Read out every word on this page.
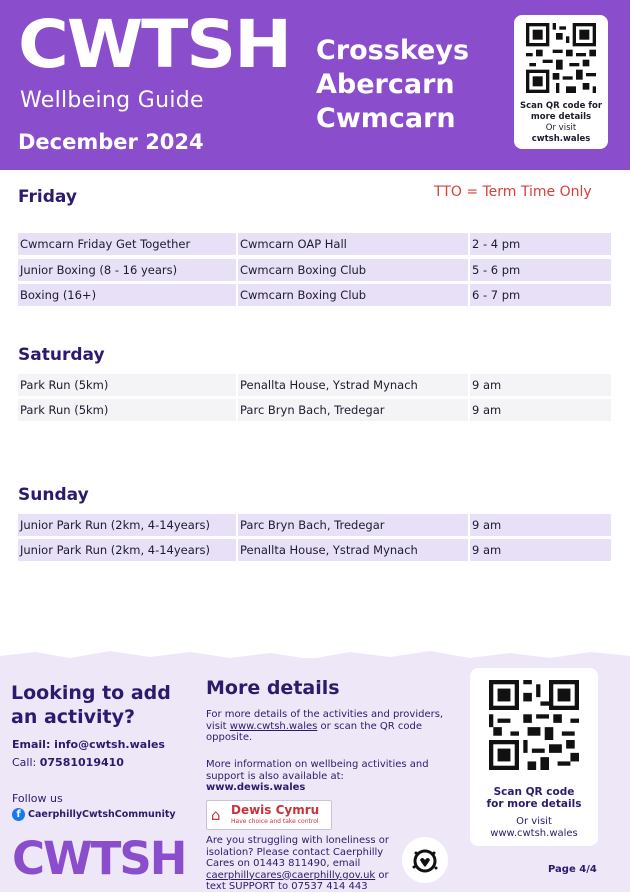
CWTSH
Wellbeing Guide
December 2024
Crosskeys
Abercarn
Cwmcarn	Scan QR code for
more details
Or visit
cwtsh.wales
Friday	TTO = Term Time Only
Cwmcarn Friday Get Together	Cwmcarn OAP Hall	2 - 4 pm
Junior Boxing (8 - 16 years)	Cwmcarn Boxing Club	5 - 6 pm
Boxing (16+)	Cwmcarn Boxing Club	6 - 7 pm
Saturday
Park Run (5km)	Penallta House, Ystrad Mynach	9 am
Park Run (5km)	Parc Bryn Bach, Tredegar	9 am
Sunday
Junior Park Run (2km, 4-14years)	Parc Bryn Bach, Tredegar	9 am
Junior Park Run (2km, 4-14years)	Penallta House, Ystrad Mynach	9 am
Looking to add an activity?
Email: info@cwtsh.wales
Call: 07581019410
Follow us
f CaerphillyCwtshCommunity
CWTSH
More details
For more details of the activities and providers, visit www.cwtsh.wales or scan the QR code opposite.
More information on wellbeing activities and support is also available at:
www.dewis.wales
⌂ Dewis Cymru
Have choice and take control
Are you struggling with loneliness or isolation? Please contact Caerphilly Cares on 01443 811490, email caerphillycares@caerphilly.gov.uk or text SUPPORT to 07537 414 443
Scan QR code
for more details
Or visit
www.cwtsh.wales
Page 4/4
